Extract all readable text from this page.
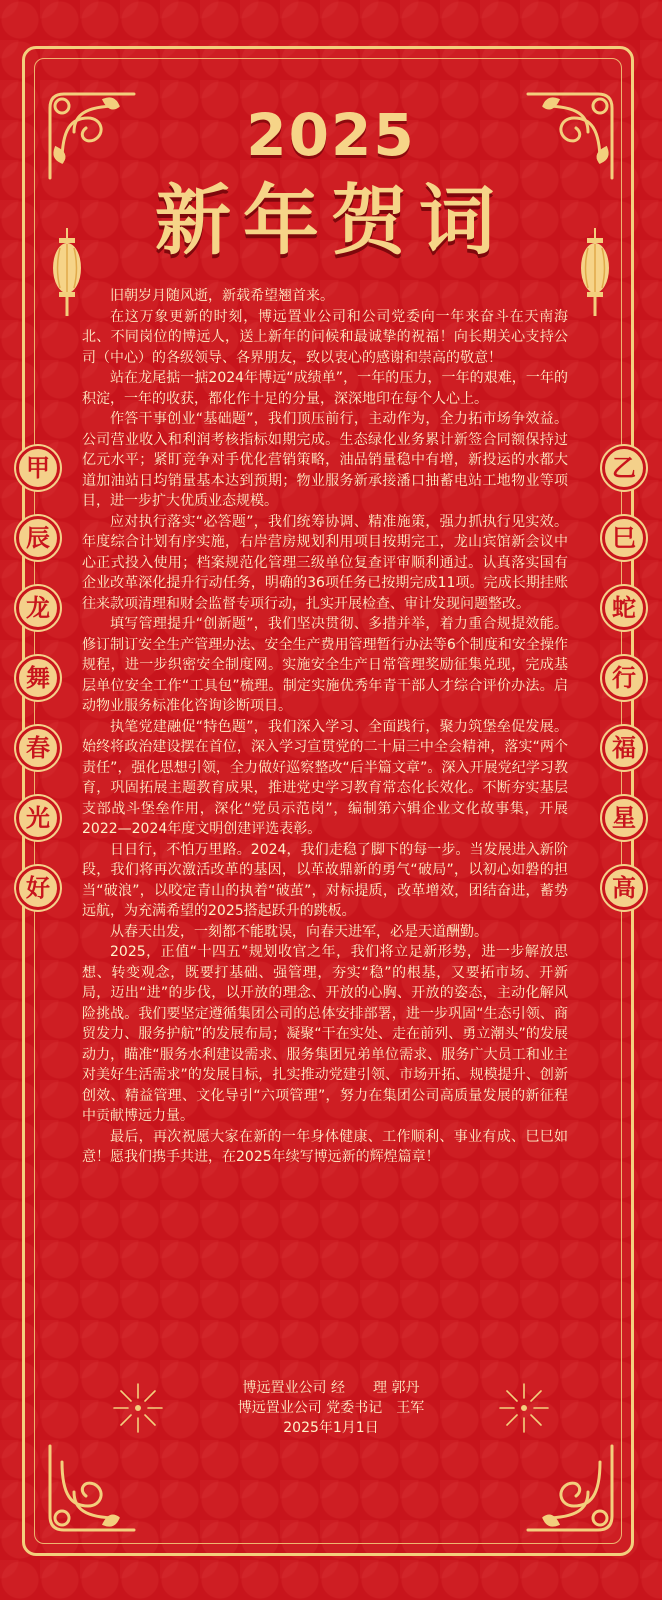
2025
新年贺词
甲
辰
龙
舞
春
光
好
乙
巳
蛇
行
福
星
高

旧朝岁月随风逝，新载希望翘首来。

在这万象更新的时刻，博远置业公司和公司党委向一年来奋斗在天南海北、不同岗位的博远人，送上新年的问候和最诚挚的祝福！向长期关心支持公司（中心）的各级领导、各界朋友，致以衷心的感谢和崇高的敬意！

站在龙尾掂一掂2024年博远“成绩单”，一年的压力，一年的艰难，一年的积淀，一年的收获，都化作十足的分量，深深地印在每个人心上。

作答干事创业“基础题”，我们顶压前行，主动作为，全力拓市场争效益。公司营业收入和利润考核指标如期完成。生态绿化业务累计新签合同额保持过亿元水平；紧盯竞争对手优化营销策略，油品销量稳中有增，新投运的水都大道加油站日均销量基本达到预期；物业服务新承接潘口抽蓄电站工地物业等项目，进一步扩大优质业态规模。

应对执行落实“必答题”，我们统筹协调、精准施策，强力抓执行见实效。年度综合计划有序实施，右岸营房规划利用项目按期完工，龙山宾馆新会议中心正式投入使用；档案规范化管理三级单位复查评审顺利通过。认真落实国有企业改革深化提升行动任务，明确的36项任务已按期完成11项。完成长期挂账往来款项清理和财会监督专项行动，扎实开展检查、审计发现问题整改。

填写管理提升“创新题”，我们坚决贯彻、多措并举，着力重合规提效能。修订制订安全生产管理办法、安全生产费用管理暂行办法等6个制度和安全操作规程，进一步织密安全制度网。实施安全生产日常管理奖励征集兑现，完成基层单位安全工作“工具包”梳理。制定实施优秀年青干部人才综合评价办法。启动物业服务标准化咨询诊断项目。

执笔党建融促“特色题”，我们深入学习、全面践行，聚力筑堡垒促发展。始终将政治建设摆在首位，深入学习宣贯党的二十届三中全会精神，落实“两个责任”，强化思想引领，全力做好巡察整改“后半篇文章”。深入开展党纪学习教育，巩固拓展主题教育成果，推进党史学习教育常态化长效化。不断夯实基层支部战斗堡垒作用，深化“党员示范岗”，编制第六辑企业文化故事集，开展2022—2024年度文明创建评选表彰。

日日行，不怕万里路。2024，我们走稳了脚下的每一步。当发展进入新阶段，我们将再次激活改革的基因，以革故鼎新的勇气“破局”，以初心如磐的担当“破浪”，以咬定青山的执着“破茧”，对标提质，改革增效，团结奋进，蓄势远航，为充满希望的2025搭起跃升的跳板。

从春天出发，一刻都不能耽误，向春天进军，必是天道酬勤。

2025，正值“十四五”规划收官之年，我们将立足新形势，进一步解放思想、转变观念，既要打基础、强管理，夯实“稳”的根基，又要拓市场、开新局，迈出“进”的步伐，以开放的理念、开放的心胸、开放的姿态，主动化解风险挑战。我们要坚定遵循集团公司的总体安排部署，进一步巩固“生态引领、商贸发力、服务护航”的发展布局；凝聚“干在实处、走在前列、勇立潮头”的发展动力，瞄准“服务水利建设需求、服务集团兄弟单位需求、服务广大员工和业主对美好生活需求”的发展目标，扎实推动党建引领、市场开拓、规模提升、创新创效、精益管理、文化导引“六项管理”，努力在集团公司高质量发展的新征程中贡献博远力量。

最后，再次祝愿大家在新的一年身体健康、工作顺利、事业有成、巳巳如意！愿我们携手共进，在2025年续写博远新的辉煌篇章！

博远置业公司 经　　理 郭丹
博远置业公司 党委书记　王军
2025年1月1日
